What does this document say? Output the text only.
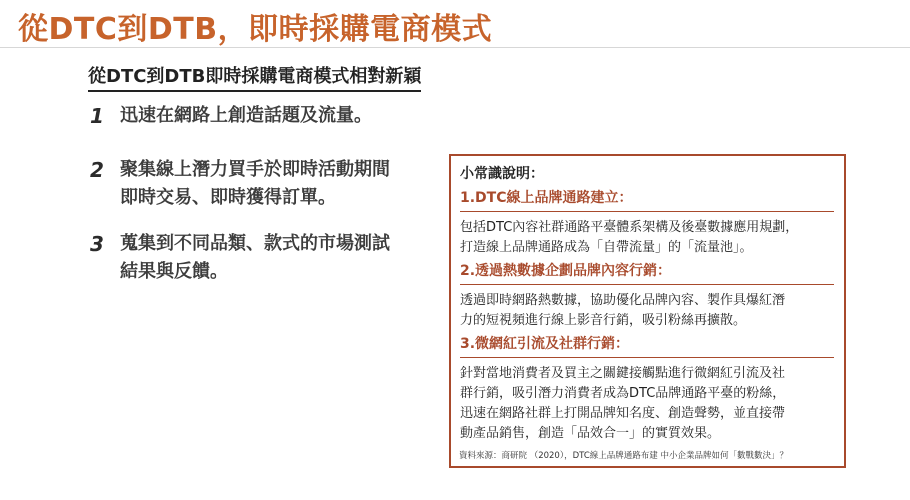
從DTC到DTB，即時採購電商模式
從DTC到DTB即時採購電商模式相對新穎
1 迅速在網路上創造話題及流量。
2 聚集線上潛力買手於即時活動期間
即時交易、即時獲得訂單。
3 蒐集到不同品類、款式的市場測試
結果與反饋。
小常識說明：
1.DTC線上品牌通路建立：
包括DTC內容社群通路平臺體系架構及後臺數據應用規劃，
打造線上品牌通路成為「自帶流量」的「流量池」。
2.透過熱數據企劃品牌內容行銷：
透過即時網路熱數據，協助優化品牌內容、製作具爆紅潛
力的短視頻進行線上影音行銷，吸引粉絲再擴散。
3.微網紅引流及社群行銷：
針對當地消費者及買主之關鍵接觸點進行微網紅引流及社
群行銷，吸引潛力消費者成為DTC品牌通路平臺的粉絲，
迅速在網路社群上打開品牌知名度、創造聲勢，並直接帶
動產品銷售，創造「品效合一」的實質效果。
資料來源：商研院 （2020），DTC線上品牌通路布建 中小企業品牌如何「數戰數決」？
